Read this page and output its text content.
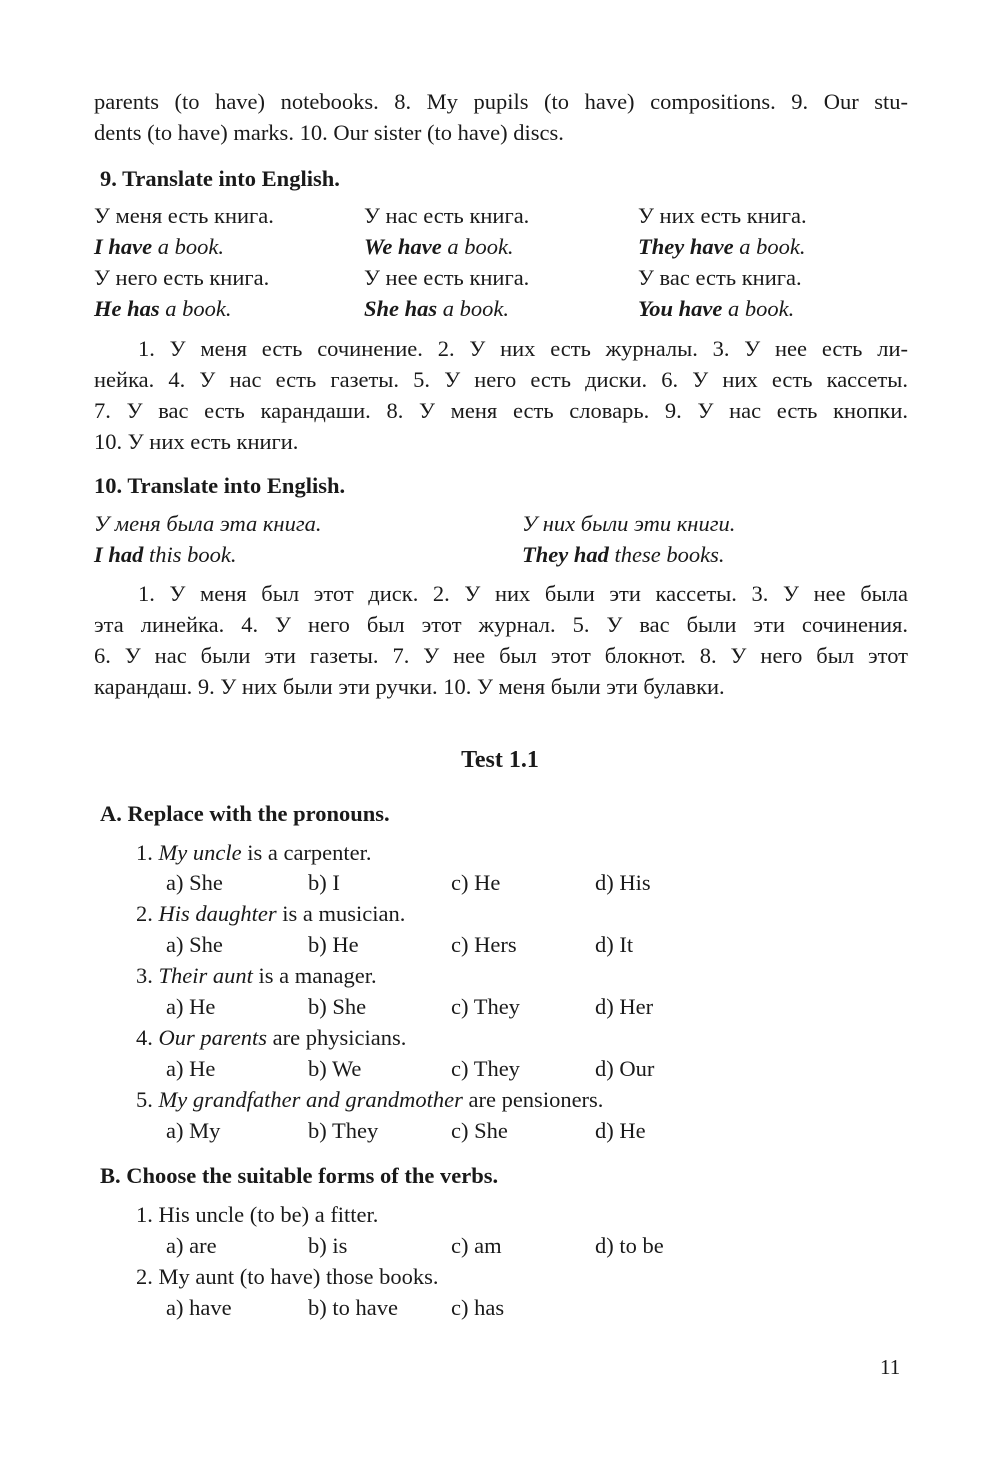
parents (to have) notebooks. 8. My pupils (to have) compositions. 9. Our stu-
dents (to have) marks. 10. Our sister (to have) discs.
9. Translate into English.
У меня есть книга.	У нас есть книга.	У них есть книга.
I have a book.	We have a book.	They have a book.
У него есть книга.	У нее есть книга.	У вас есть книга.
He has a book.	She has a book.	You have a book.
1. У меня есть сочинение. 2. У них есть журналы. 3. У нее есть ли-
нейка. 4. У нас есть газеты. 5. У него есть диски. 6. У них есть кассеты.
7. У вас есть карандаши. 8. У меня есть словарь. 9. У нас есть кнопки.
10. У них есть книги.
10. Translate into English.
У меня была эта книга.	У них были эти книги.
I had this book.	They had these books.
1. У меня был этот диск. 2. У них были эти кассеты. 3. У нее была
эта линейка. 4. У него был этот журнал. 5. У вас были эти сочинения.
6. У нас были эти газеты. 7. У нее был этот блокнот. 8. У него был этот
карандаш. 9. У них были эти ручки. 10. У меня были эти булавки.
Test 1.1
A. Replace with the pronouns.
1. My uncle is a carpenter.
a) She	b) I	c) He	d) His
2. His daughter is a musician.
a) She	b) He	c) Hers	d) It
3. Their aunt is a manager.
a) He	b) She	c) They	d) Her
4. Our parents are physicians.
a) He	b) We	c) They	d) Our
5. My grandfather and grandmother are pensioners.
a) My	b) They	c) She	d) He
B. Choose the suitable forms of the verbs.
1. His uncle (to be) a fitter.
a) are	b) is	c) am	d) to be
2. My aunt (to have) those books.
a) have	b) to have c) has
11
